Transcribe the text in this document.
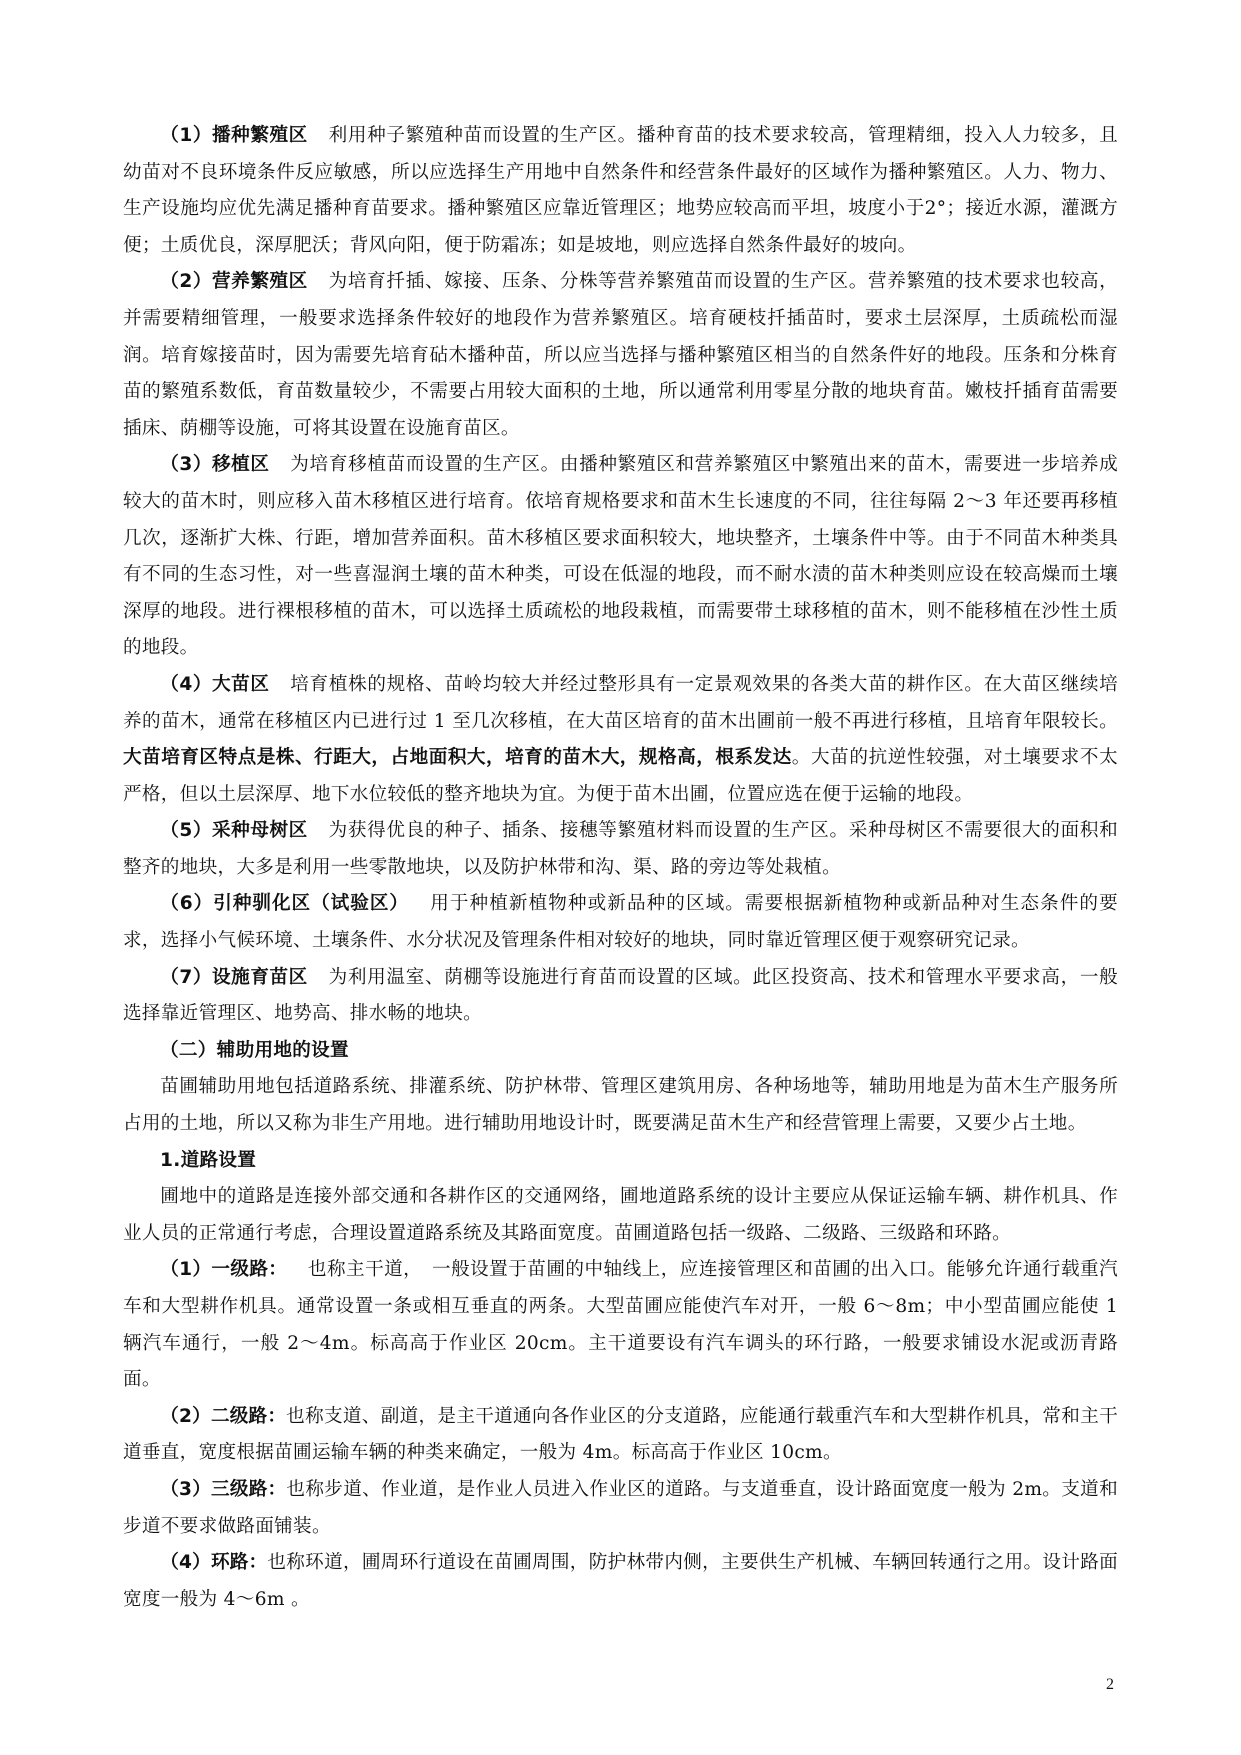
（1）播种繁殖区 利用种子繁殖种苗而设置的生产区。播种育苗的技术要求较高，管理精细，投入人力较多，且幼苗对不良环境条件反应敏感，所以应选择生产用地中自然条件和经营条件最好的区域作为播种繁殖区。人力、物力、生产设施均应优先满足播种育苗要求。播种繁殖区应靠近管理区；地势应较高而平坦，坡度小于2°；接近水源，灌溉方便；土质优良，深厚肥沃；背风向阳，便于防霜冻；如是坡地，则应选择自然条件最好的坡向。

（2）营养繁殖区 为培育扦插、嫁接、压条、分株等营养繁殖苗而设置的生产区。营养繁殖的技术要求也较高，并需要精细管理，一般要求选择条件较好的地段作为营养繁殖区。培育硬枝扦插苗时，要求土层深厚，土质疏松而湿润。培育嫁接苗时，因为需要先培育砧木播种苗，所以应当选择与播种繁殖区相当的自然条件好的地段。压条和分株育苗的繁殖系数低，育苗数量较少，不需要占用较大面积的土地，所以通常利用零星分散的地块育苗。嫩枝扦插育苗需要插床、荫棚等设施，可将其设置在设施育苗区。

（3）移植区 为培育移植苗而设置的生产区。由播种繁殖区和营养繁殖区中繁殖出来的苗木，需要进一步培养成较大的苗木时，则应移入苗木移植区进行培育。依培育规格要求和苗木生长速度的不同，往往每隔 2～3 年还要再移植几次，逐渐扩大株、行距，增加营养面积。苗木移植区要求面积较大，地块整齐，土壤条件中等。由于不同苗木种类具有不同的生态习性，对一些喜湿润土壤的苗木种类，可设在低湿的地段，而不耐水渍的苗木种类则应设在较高燥而土壤深厚的地段。进行裸根移植的苗木，可以选择土质疏松的地段栽植，而需要带土球移植的苗木，则不能移植在沙性土质的地段。

（4）大苗区 培育植株的规格、苗岭均较大并经过整形具有一定景观效果的各类大苗的耕作区。在大苗区继续培养的苗木，通常在移植区内已进行过 1 至几次移植，在大苗区培育的苗木出圃前一般不再进行移植，且培育年限较长。大苗培育区特点是株、行距大，占地面积大，培育的苗木大，规格高，根系发达。大苗的抗逆性较强，对土壤要求不太严格，但以土层深厚、地下水位较低的整齐地块为宜。为便于苗木出圃，位置应选在便于运输的地段。

（5）采种母树区 为获得优良的种子、插条、接穗等繁殖材料而设置的生产区。采种母树区不需要很大的面积和整齐的地块，大多是利用一些零散地块，以及防护林带和沟、渠、路的旁边等处栽植。

（6）引种驯化区（试验区） 用于种植新植物种或新品种的区域。需要根据新植物种或新品种对生态条件的要求，选择小气候环境、土壤条件、水分状况及管理条件相对较好的地块，同时靠近管理区便于观察研究记录。

（7）设施育苗区 为利用温室、荫棚等设施进行育苗而设置的区域。此区投资高、技术和管理水平要求高，一般选择靠近管理区、地势高、排水畅的地块。

（二）辅助用地的设置

苗圃辅助用地包括道路系统、排灌系统、防护林带、管理区建筑用房、各种场地等，辅助用地是为苗木生产服务所占用的土地，所以又称为非生产用地。进行辅助用地设计时，既要满足苗木生产和经营管理上需要，又要少占土地。

1.道路设置

圃地中的道路是连接外部交通和各耕作区的交通网络，圃地道路系统的设计主要应从保证运输车辆、耕作机具、作业人员的正常通行考虑，合理设置道路系统及其路面宽度。苗圃道路包括一级路、二级路、三级路和环路。

（1）一级路： 也称主干道，　一般设置于苗圃的中轴线上，应连接管理区和苗圃的出入口。能够允许通行载重汽车和大型耕作机具。通常设置一条或相互垂直的两条。大型苗圃应能使汽车对开，一般 6～8m；中小型苗圃应能使 1 辆汽车通行，一般 2～4m。标高高于作业区 20cm。主干道要设有汽车调头的环行路，一般要求铺设水泥或沥青路面。

（2）二级路：也称支道、副道，是主干道通向各作业区的分支道路，应能通行载重汽车和大型耕作机具，常和主干道垂直，宽度根据苗圃运输车辆的种类来确定，一般为 4m。标高高于作业区 10cm。

（3）三级路：也称步道、作业道，是作业人员进入作业区的道路。与支道垂直，设计路面宽度一般为 2m。支道和步道不要求做路面铺装。

（4）环路：也称环道，圃周环行道设在苗圃周围，防护林带内侧，主要供生产机械、车辆回转通行之用。设计路面宽度一般为 4～6m 。

2
